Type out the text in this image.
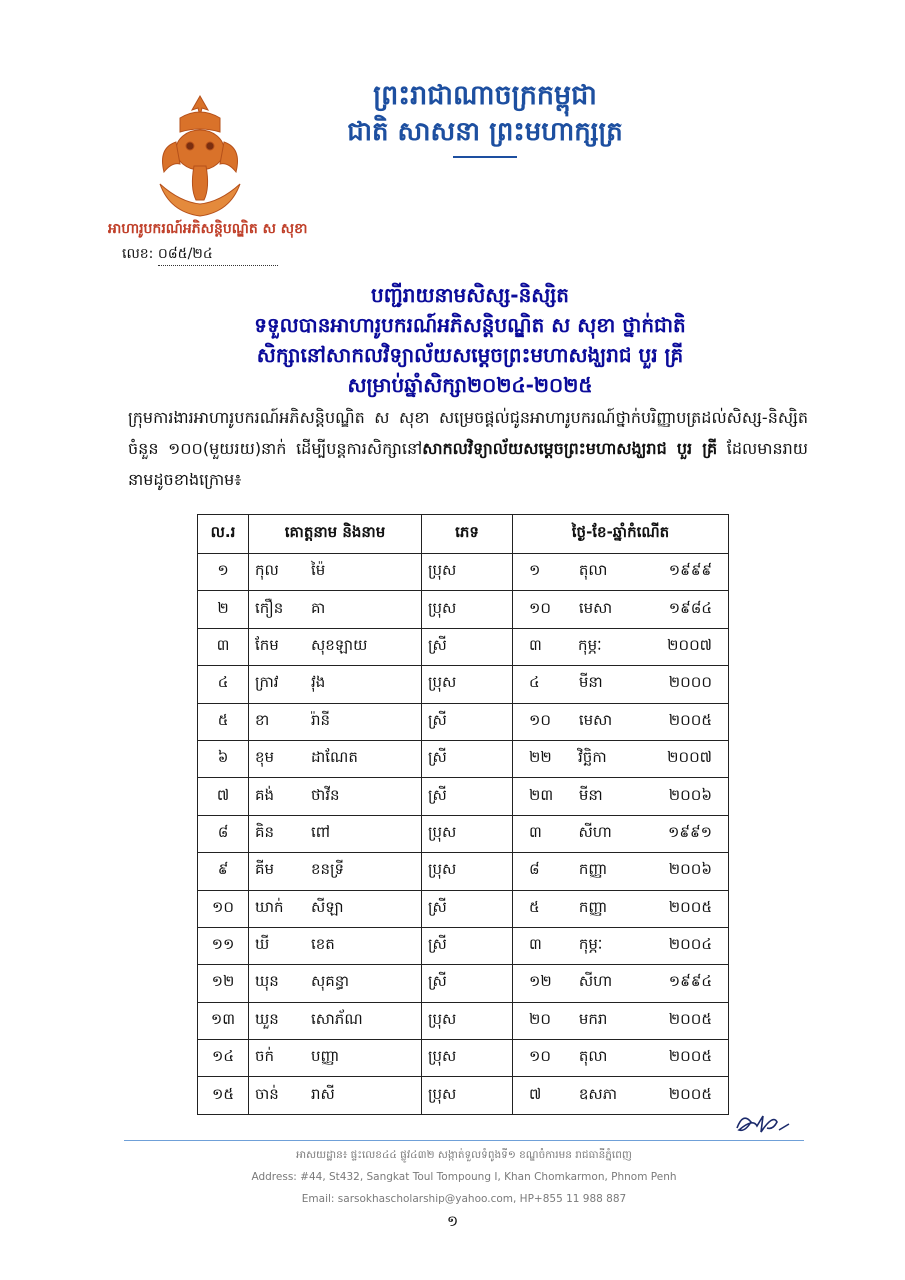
ព្រះរាជាណាចក្រកម្ពុជា
ជាតិ សាសនា ព្រះមហាក្សត្រ
អាហារូបករណ៍អភិសន្តិបណ្ឌិត ស សុខា
លេខ: ០៨៥/២៤
បញ្ជីរាយនាមសិស្ស-និស្សិត
ទទួលបានអាហារូបករណ៍អភិសន្តិបណ្ឌិត ស សុខា ថ្នាក់ជាតិ
សិក្សានៅសាកលវិទ្យាល័យសម្តេចព្រះមហាសង្ឃរាជ បួរ គ្រី
សម្រាប់ឆ្នាំសិក្សា២០២៤-២០២៥
ក្រុមការងារអាហារូបករណ៍អភិសន្តិបណ្ឌិត ស សុខា សម្រេចផ្តល់ជូនអាហារូបករណ៍ថ្នាក់បរិញ្ញាបត្រដល់សិស្ស-និស្សិតចំនួន ១០០(មួយរយ)នាក់ ដើម្បីបន្តការសិក្សានៅសាកលវិទ្យាល័យសម្តេចព្រះមហាសង្ឃរាជ បួរ គ្រី ដែលមានរាយនាមដូចខាងក្រោម៖
ល.រ	គោត្តនាម និងនាម	ភេទ	ថ្ងៃ-ខែ-ឆ្នាំកំណើត
១	កុល ម៉ៃ	ប្រុស	១ តុលា ១៩៩៩

២	កឿន គា	ប្រុស	១០ មេសា ១៩៨៤

៣	កែម សុខឡាយ	ស្រី	៣ កុម្ភៈ ២០០៧

៤	ក្រាវ វុង	ប្រុស	៤ មីនា ២០០០

៥	ខា រ៉ានី	ស្រី	១០ មេសា ២០០៥

៦	ខុម ដាណែត	ស្រី	២២ វិច្ឆិកា ២០០៧

៧	គង់ ថាវីន	ស្រី	២៣ មីនា ២០០៦

៨	គិន ពៅ	ប្រុស	៣ សីហា ១៩៩១

៩	គីម ខនទ្រី	ប្រុស	៨ កញ្ញា ២០០៦

១០	ឃាក់ សីឡា	ស្រី	៥ កញ្ញា ២០០៥

១១	ឃី ខេត	ស្រី	៣ កុម្ភៈ ២០០៤

១២	ឃុន សុគន្ធា	ស្រី	១២ សីហា ១៩៩៤

១៣	ឃួន សោភ័ណ	ប្រុស	២០ មករា ២០០៥

១៤	ចក់ បញ្ញា	ប្រុស	១០ តុលា ២០០៥

១៥	ចាន់ រាសី	ប្រុស	៧ ឧសភា ២០០៥
អាសយដ្ឋាន៖ ផ្ទះលេខ៤៤ ផ្លូវ៤៣២ សង្កាត់ទួលទំពូងទី១ ខណ្ឌចំការមន រាជធានីភ្នំពេញ
Address: #44, St432, Sangkat Toul Tompoung I, Khan Chomkarmon, Phnom Penh
Email: sarsokhascholarship@yahoo.com, HP+855 11 988 887
១
